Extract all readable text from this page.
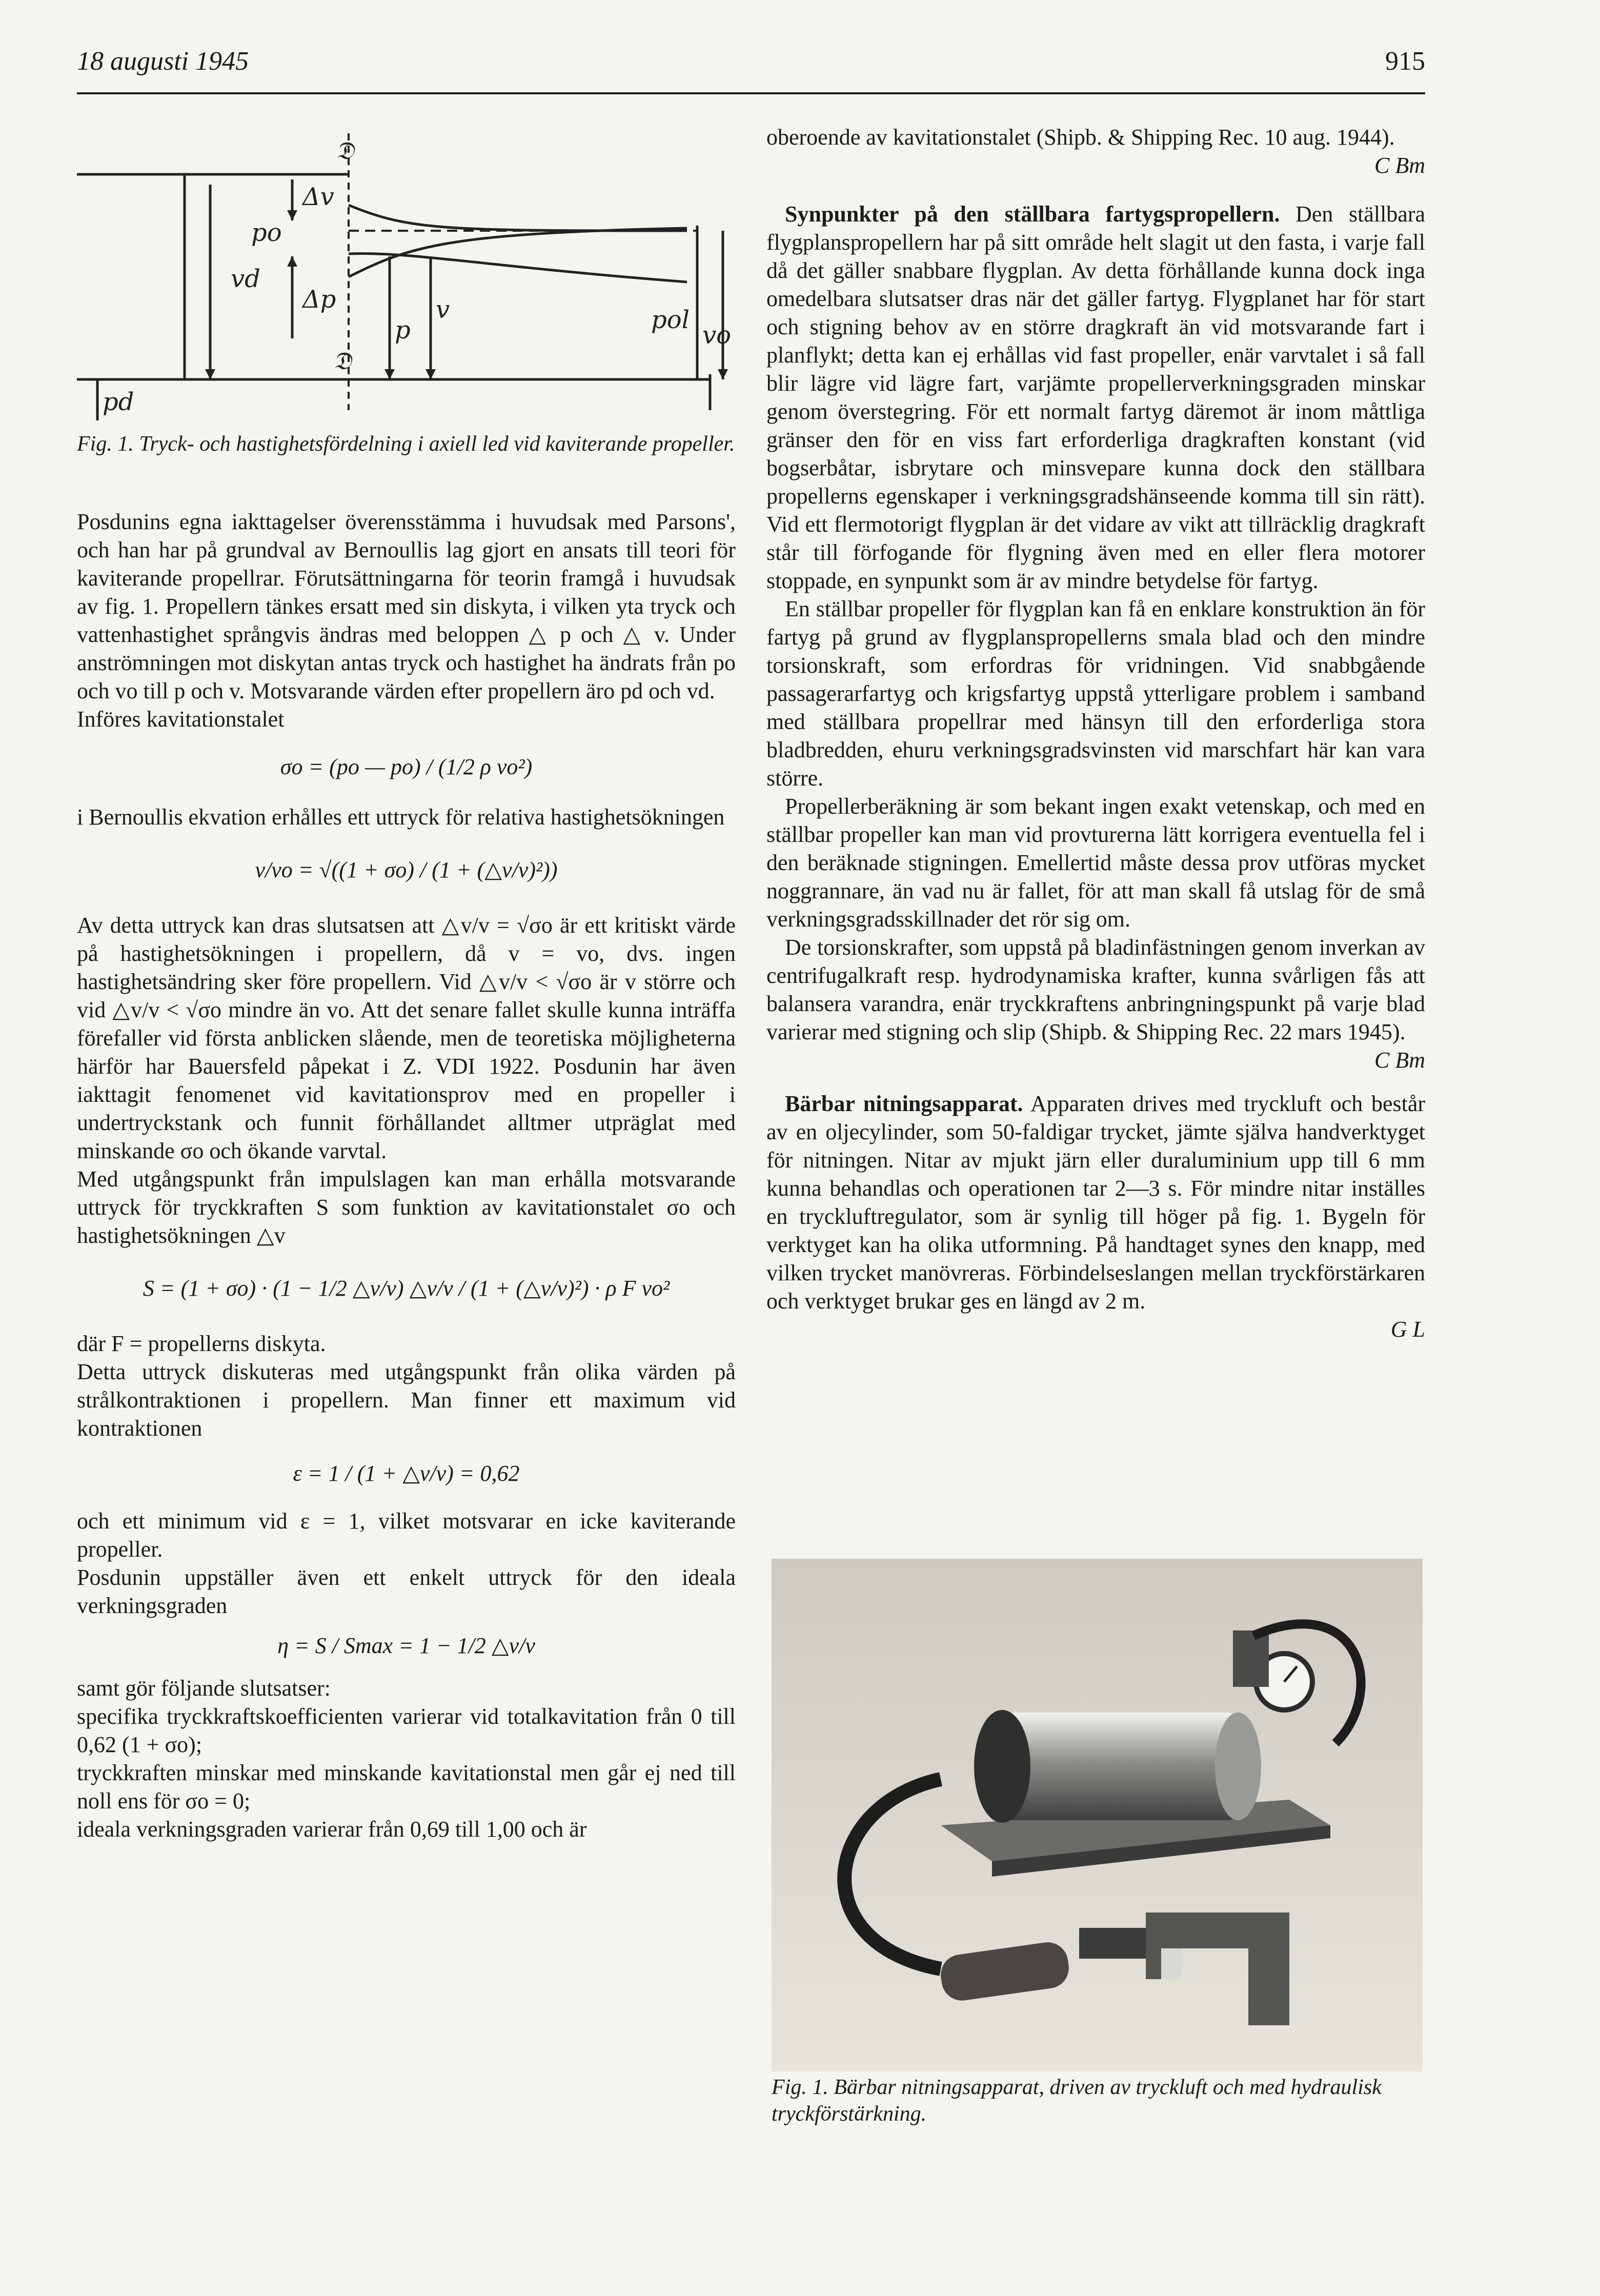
18 augusti 1945	915
𝔇
𝔇
vd
Δv
Δp
pd
p
v
po
pol
vo
Fig. 1. Tryck- och hastighetsfördelning i axiell led vid kaviterande propeller.

Posdunins egna iakttagelser överensstämma i huvudsak med Parsons', och han har på grundval av Bernoullis lag gjort en ansats till teori för kaviterande propellrar. Förutsättningarna för teorin framgå i huvudsak av fig. 1. Propellern tänkes ersatt med sin diskyta, i vilken yta tryck och vattenhastighet språngvis ändras med beloppen △ p och △ v. Under anströmningen mot diskytan antas tryck och hastighet ha ändrats från po och vo till p och v. Motsvarande värden efter propellern äro pd och vd.

Införes kavitationstalet

σo = (po — po) / (1/2 ρ vo²)

i Bernoullis ekvation erhålles ett uttryck för relativa hastighetsökningen

v/vo = √((1 + σo) / (1 + (△v/v)²))

Av detta uttryck kan dras slutsatsen att △v/v = √σo är ett kritiskt värde på hastighetsökningen i propellern, då v = vo, dvs. ingen hastighetsändring sker före propellern. Vid △v/v < √σo är v större och vid △v/v < √σo mindre än vo. Att det senare fallet skulle kunna inträffa förefaller vid första anblicken slående, men de teoretiska möjligheterna härför har Bauersfeld påpekat i Z. VDI 1922. Posdunin har även iakttagit fenomenet vid kavitationsprov med en propeller i undertryckstank och funnit förhållandet alltmer utpräglat med minskande σo och ökande varvtal.

Med utgångspunkt från impulslagen kan man erhålla motsvarande uttryck för tryckkraften S som funktion av kavitationstalet σo och hastighetsökningen △v

S = (1 + σo) · (1 − 1/2 △v/v) △v/v / (1 + (△v/v)²) · ρ F vo²

där F = propellerns diskyta.

Detta uttryck diskuteras med utgångspunkt från olika värden på strålkontraktionen i propellern. Man finner ett maximum vid kontraktionen

ε = 1 / (1 + △v/v) = 0,62

och ett minimum vid ε = 1, vilket motsvarar en icke kaviterande propeller.

Posdunin uppställer även ett enkelt uttryck för den ideala verkningsgraden

η = S / Smax = 1 − 1/2 △v/v

samt gör följande slutsatser:

specifika tryckkraftskoefficienten varierar vid totalkavitation från 0 till 0,62 (1 + σo);

tryckkraften minskar med minskande kavitationstal men går ej ned till noll ens för σo = 0;

ideala verkningsgraden varierar från 0,69 till 1,00 och är

oberoende av kavitationstalet (Shipb. & Shipping Rec. 10 aug. 1944).

C Bm

Synpunkter på den ställbara fartygspropellern. Den ställbara flygplanspropellern har på sitt område helt slagit ut den fasta, i varje fall då det gäller snabbare flygplan. Av detta förhållande kunna dock inga omedelbara slutsatser dras när det gäller fartyg. Flygplanet har för start och stigning behov av en större dragkraft än vid motsvarande fart i planflykt; detta kan ej erhållas vid fast propeller, enär varvtalet i så fall blir lägre vid lägre fart, varjämte propellerverkningsgraden minskar genom överstegring. För ett normalt fartyg däremot är inom måttliga gränser den för en viss fart erforderliga dragkraften konstant (vid bogserbåtar, isbrytare och minsvepare kunna dock den ställbara propellerns egenskaper i verkningsgradshänseende komma till sin rätt). Vid ett flermotorigt flygplan är det vidare av vikt att tillräcklig dragkraft står till förfogande för flygning även med en eller flera motorer stoppade, en synpunkt som är av mindre betydelse för fartyg.

En ställbar propeller för flygplan kan få en enklare konstruktion än för fartyg på grund av flygplanspropellerns smala blad och den mindre torsionskraft, som erfordras för vridningen. Vid snabbgående passagerarfartyg och krigsfartyg uppstå ytterligare problem i samband med ställbara propellrar med hänsyn till den erforderliga stora bladbredden, ehuru verkningsgradsvinsten vid marschfart här kan vara större.

Propellerberäkning är som bekant ingen exakt vetenskap, och med en ställbar propeller kan man vid provturerna lätt korrigera eventuella fel i den beräknade stigningen. Emellertid måste dessa prov utföras mycket noggrannare, än vad nu är fallet, för att man skall få utslag för de små verkningsgradsskillnader det rör sig om.

De torsionskrafter, som uppstå på bladinfästningen genom inverkan av centrifugalkraft resp. hydrodynamiska krafter, kunna svårligen fås att balansera varandra, enär tryckkraftens anbringningspunkt på varje blad varierar med stigning och slip (Shipb. & Shipping Rec. 22 mars 1945).

C Bm

Bärbar nitningsapparat. Apparaten drives med tryckluft och består av en oljecylinder, som 50-faldigar trycket, jämte själva handverktyget för nitningen. Nitar av mjukt järn eller duraluminium upp till 6 mm kunna behandlas och operationen tar 2—3 s. För mindre nitar inställes en tryckluftregulator, som är synlig till höger på fig. 1. Bygeln för verktyget kan ha olika utformning. På handtaget synes den knapp, med vilken trycket manövreras. Förbindelseslangen mellan tryckförstärkaren och verktyget brukar ges en längd av 2 m.

G L

Fig. 1. Bärbar nitningsapparat, driven av tryckluft och med hydraulisk tryckförstärkning.
